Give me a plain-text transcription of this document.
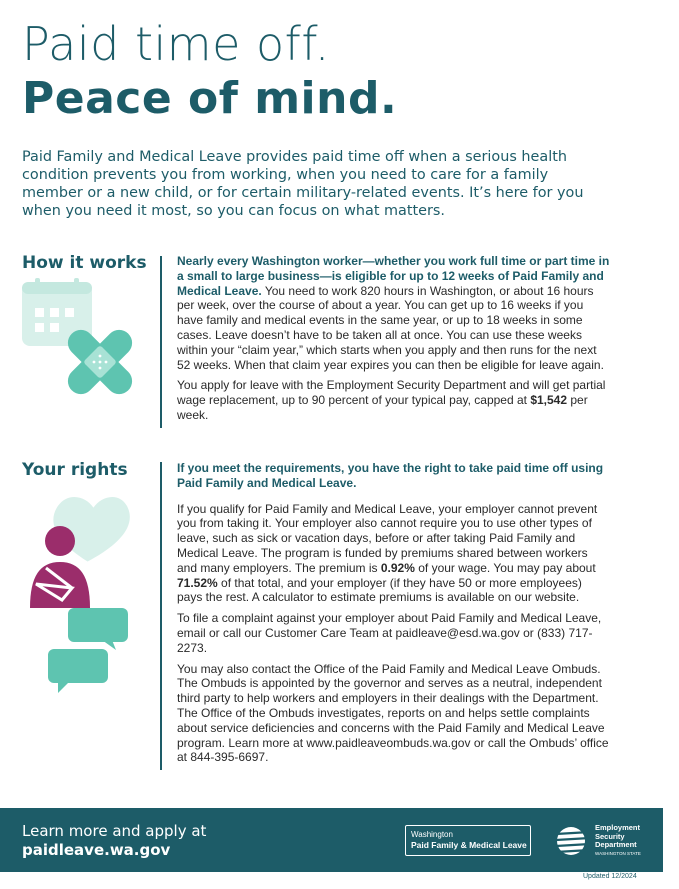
Paid time off.
Peace of mind.

Paid Family and Medical Leave provides paid time off when a serious health condition prevents you from working, when you need to care for a family member or a new child, or for certain military-related events. It’s here for you when you need it most, so you can focus on what matters.

How it works	Nearly every Washington worker—whether you work full time or part time in a small to large business—is eligible for up to 12 weeks of Paid Family and Medical Leave. You need to work 820 hours in Washington, or about 16 hours per week, over the course of about a year. You can get up to 16 weeks if you have family and medical events in the same year, or up to 18 weeks in some cases. Leave doesn’t have to be taken all at once. You can use these weeks within your “claim year,” which starts when you apply and then runs for the next 52 weeks. When that claim year expires you can then be eligible for leave again.

You apply for leave with the Employment Security Department and will get partial wage replacement, up to 90 percent of your typical pay, capped at $1,542 per week.

Your rights	If you meet the requirements, you have the right to take paid time off using Paid Family and Medical Leave.

If you qualify for Paid Family and Medical Leave, your employer cannot prevent you from taking it. Your employer also cannot require you to use other types of leave, such as sick or vacation days, before or after taking Paid Family and Medical Leave. The program is funded by premiums shared between workers and many employers. The premium is 0.92% of your wage. You may pay about 71.52% of that total, and your employer (if they have 50 or more employees) pays the rest. A calculator to estimate premiums is available on our website.

To file a complaint against your employer about Paid Family and Medical Leave, email or call our Customer Care Team at paidleave@esd.wa.gov or (833) 717-2273.

You may also contact the Office of the Paid Family and Medical Leave Ombuds. The Ombuds is appointed by the governor and serves as a neutral, independent third party to help workers and employers in their dealings with the Department. The Office of the Ombuds investigates, reports on and helps settle complaints about service deficiencies and concerns with the Paid Family and Medical Leave program. Learn more at www.paidleaveombuds.wa.gov or call the Ombuds’ office at 844-395-6697.

Learn more and apply at

paidleave.wa.gov

Washington
Paid Family & Medical Leave
Employment
Security
Department
WASHINGTON STATE
Updated 12/2024
